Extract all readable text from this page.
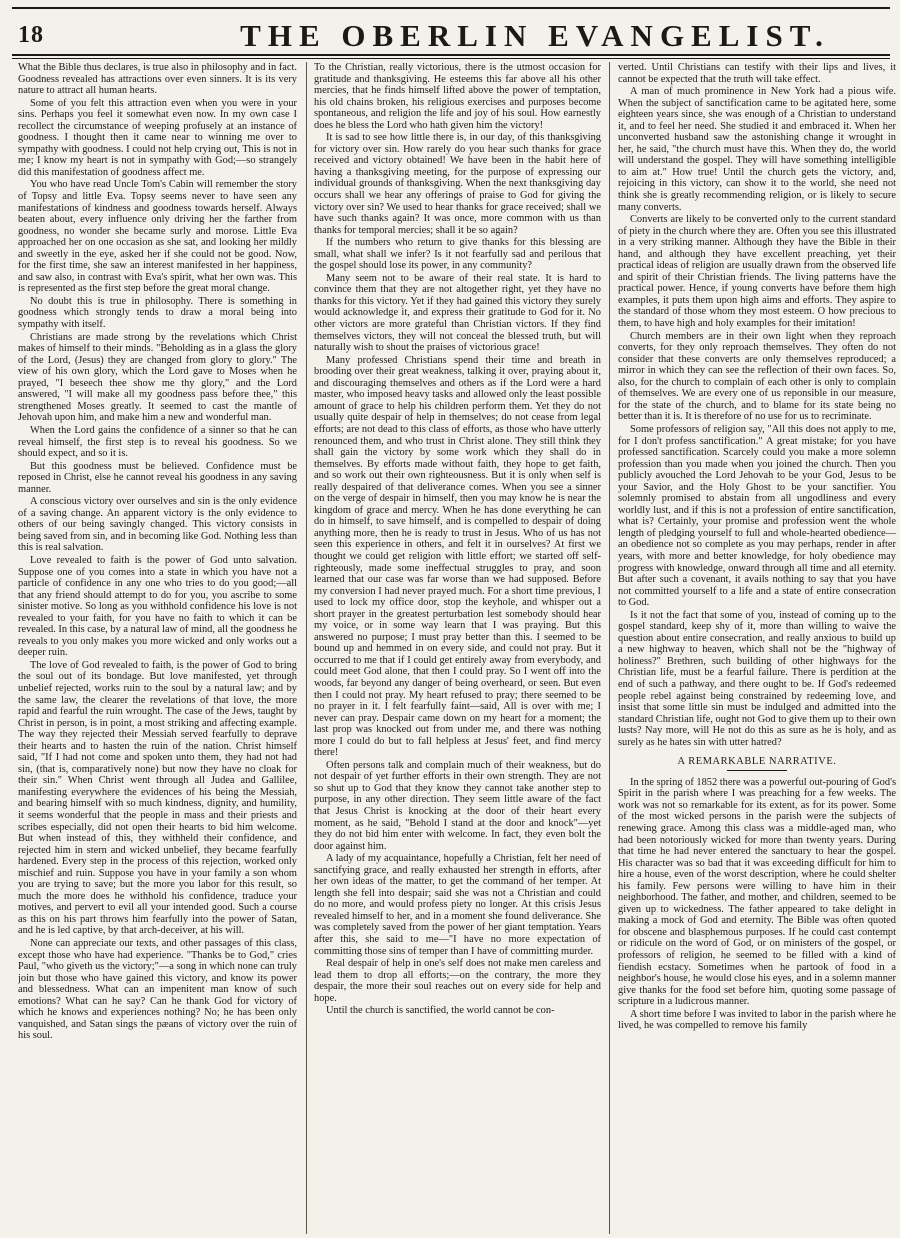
18	THE OBERLIN EVANGELIST.

What the Bible thus declares, is true also in philosophy and in fact. Goodness revealed has attractions over even sinners. It is its very nature to attract all human hearts.

Some of you felt this attraction even when you were in your sins. Perhaps you feel it somewhat even now. In my own case I recollect the circumstance of weeping profusely at an instance of goodness. I thought then it came near to winning me over to sympathy with goodness. I could not help crying out, This is not in me; I know my heart is not in sympathy with God;—so strangely did this manifestation of goodness affect me.

You who have read Uncle Tom's Cabin will remember the story of Topsy and little Eva. Topsy seems never to have seen any manifestations of kindness and goodness towards herself. Always beaten about, every influence only driving her the farther from goodness, no wonder she became surly and morose. Little Eva approached her on one occasion as she sat, and looking her mildly and sweetly in the eye, asked her if she could not be good. Now, for the first time, she saw an interest manifested in her happiness, and saw also, in contrast with Eva's spirit, what her own was. This is represented as the first step before the great moral change.

No doubt this is true in philosophy. There is something in goodness which strongly tends to draw a moral being into sympathy with itself.

Christians are made strong by the revelations which Christ makes of himself to their minds. "Beholding as in a glass the glory of the Lord, (Jesus) they are changed from glory to glory." The view of his own glory, which the Lord gave to Moses when he prayed, "I beseech thee show me thy glory," and the Lord answered, "I will make all my goodness pass before thee," this strengthened Moses greatly. It seemed to cast the mantle of Jehovah upon him, and make him a new and wonderful man.

When the Lord gains the confidence of a sinner so that he can reveal himself, the first step is to reveal his goodness. So we should expect, and so it is.

But this goodness must be believed. Confidence must be reposed in Christ, else he cannot reveal his goodness in any saving manner.

A conscious victory over ourselves and sin is the only evidence of a saving change. An apparent victory is the only evidence to others of our being savingly changed. This victory consists in being saved from sin, and in becoming like God. Nothing less than this is real salvation.

Love revealed to faith is the power of God unto salvation. Suppose one of you comes into a state in which you have not a particle of confidence in any one who tries to do you good;—all that any friend should attempt to do for you, you ascribe to some sinister motive. So long as you withhold confidence his love is not revealed to your faith, for you have no faith to which it can be revealed. In this case, by a natural law of mind, all the goodness he reveals to you only makes you more wicked and only works out a deeper ruin.

The love of God revealed to faith, is the power of God to bring the soul out of its bondage. But love manifested, yet through unbelief rejected, works ruin to the soul by a natural law; and by the same law, the clearer the revelations of that love, the more rapid and fearful the ruin wrought. The case of the Jews, taught by Christ in person, is in point, a most striking and affecting example. The way they rejected their Messiah served fearfully to deprave their hearts and to hasten the ruin of the nation. Christ himself said, "If I had not come and spoken unto them, they had not had sin, (that is, comparatively none) but now they have no cloak for their sin." When Christ went through all Judea and Gallilee, manifesting everywhere the evidences of his being the Messiah, and bearing himself with so much kindness, dignity, and humility, it seems wonderful that the people in mass and their priests and scribes especially, did not open their hearts to bid him welcome. But when instead of this, they withheld their confidence, and rejected him in stern and wicked unbelief, they became fearfully hardened. Every step in the process of this rejection, worked only mischief and ruin. Suppose you have in your family a son whom you are trying to save; but the more you labor for this result, so much the more does he withhold his confidence, traduce your motives, and pervert to evil all your intended good. Such a course as this on his part throws him fearfully into the power of Satan, and he is led captive, by that arch-deceiver, at his will.

None can appreciate our texts, and other passages of this class, except those who have had experience. "Thanks be to God," cries Paul, "who giveth us the victory;"—a song in which none can truly join but those who have gained this victory, and know its power and blessedness. What can an impenitent man know of such emotions? What can he say? Can he thank God for victory of which he knows and experiences nothing? No; he has been only vanquished, and Satan sings the pæans of victory over the ruin of his soul.

To the Christian, really victorious, there is the utmost occasion for gratitude and thanksgiving. He esteems this far above all his other mercies, that he finds himself lifted above the power of temptation, his old chains broken, his religious exercises and purposes become spontaneous, and religion the life and joy of his soul. How earnestly does he bless the Lord who hath given him the victory!

It is sad to see how little there is, in our day, of this thanksgiving for victory over sin. How rarely do you hear such thanks for grace received and victory obtained! We have been in the habit here of having a thanksgiving meeting, for the purpose of expressing our individual grounds of thanksgiving. When the next thanksgiving day occurs shall we hear any offerings of praise to God for giving the victory over sin? We used to hear thanks for grace received; shall we have such thanks again? It was once, more common with us than thanks for temporal mercies; shall it be so again?

If the numbers who return to give thanks for this blessing are small, what shall we infer? Is it not fearfully sad and perilous that the gospel should lose its power, in any community?

Many seem not to be aware of their real state. It is hard to convince them that they are not altogether right, yet they have no thanks for this victory. Yet if they had gained this victory they surely would acknowledge it, and express their gratitude to God for it. No other victors are more grateful than Christian victors. If they find themselves victors, they will not conceal the blessed truth, but will naturally wish to shout the praises of victorious grace!

Many professed Christians spend their time and breath in brooding over their great weakness, talking it over, praying about it, and discouraging themselves and others as if the Lord were a hard master, who imposed heavy tasks and allowed only the least possible amount of grace to help his children perform them. Yet they do not usually quite despair of help in themselves; do not cease from legal efforts; are not dead to this class of efforts, as those who have utterly renounced them, and who trust in Christ alone. They still think they shall gain the victory by some work which they shall do in themselves. By efforts made without faith, they hope to get faith, and so work out their own righteousness. But it is only when self is really despaired of that deliverance comes. When you see a sinner on the verge of despair in himself, then you may know he is near the kingdom of grace and mercy. When he has done everything he can do in himself, to save himself, and is compelled to despair of doing anything more, then he is ready to trust in Jesus. Who of us has not seen this experience in others, and felt it in ourselves? At first we thought we could get religion with little effort; we started off self-righteously, made some ineffectual struggles to pray, and soon learned that our case was far worse than we had supposed. Before my conversion I had never prayed much. For a short time previous, I used to lock my office door, stop the keyhole, and whisper out a short prayer in the greatest perturbation lest somebody should hear my voice, or in some way learn that I was praying. But this answered no purpose; I must pray better than this. I seemed to be bound up and hemmed in on every side, and could not pray. But it occurred to me that if I could get entirely away from everybody, and could meet God alone, that then I could pray. So I went off into the woods, far beyond any danger of being overheard, or seen. But even then I could not pray. My heart refused to pray; there seemed to be no prayer in it. I felt fearfully faint—said, All is over with me; I never can pray. Despair came down on my heart for a moment; the last prop was knocked out from under me, and there was nothing more I could do but to fall helpless at Jesus' feet, and find mercy there!

Often persons talk and complain much of their weakness, but do not despair of yet further efforts in their own strength. They are not so shut up to God that they know they cannot take another step to purpose, in any other direction. They seem little aware of the fact that Jesus Christ is knocking at the door of their heart every moment, as he said, "Behold I stand at the door and knock"—yet they do not bid him enter with welcome. In fact, they even bolt the door against him.

A lady of my acquaintance, hopefully a Christian, felt her need of sanctifying grace, and really exhausted her strength in efforts, after her own ideas of the matter, to get the command of her temper. At length she fell into despair; said she was not a Christian and could do no more, and would profess piety no longer. At this crisis Jesus revealed himself to her, and in a moment she found deliverance. She was completely saved from the power of her giant temptation. Years after this, she said to me—"I have no more expectation of committing those sins of temper than I have of committing murder.

Real despair of help in one's self does not make men careless and lead them to drop all efforts;—on the contrary, the more they despair, the more their soul reaches out on every side for help and hope.

Until the church is sanctified, the world cannot be con-

verted. Until Christians can testify with their lips and lives, it cannot be expected that the truth will take effect.

A man of much prominence in New York had a pious wife. When the subject of sanctification came to be agitated here, some eighteen years since, she was enough of a Christian to understand it, and to feel her need. She studied it and embraced it. When her unconverted husband saw the astonishing change it wrought in her, he said, "the church must have this. When they do, the world will understand the gospel. They will have something intelligible to aim at." How true! Until the church gets the victory, and, rejoicing in this victory, can show it to the world, she need not think she is greatly recommending religion, or is likely to secure many converts.

Converts are likely to be converted only to the current standard of piety in the church where they are. Often you see this illustrated in a very striking manner. Although they have the Bible in their hand, and although they have excellent preaching, yet their practical ideas of religion are usually drawn from the observed life and spirit of their Christian friends. The living patterns have the practical power. Hence, if young converts have before them high examples, it puts them upon high aims and efforts. They aspire to the standard of those whom they most esteem. O how precious to them, to have high and holy examples for their imitation!

Church members are in their own light when they reproach converts, for they only reproach themselves. They often do not consider that these converts are only themselves reproduced; a mirror in which they can see the reflection of their own faces. So, also, for the church to complain of each other is only to complain of themselves. We are every one of us reponsible in our measure, for the state of the church, and to blame for its state being no better than it is. It is therefore of no use for us to recriminate.

Some professors of religion say, "All this does not apply to me, for I don't profess sanctification." A great mistake; for you have professed sanctification. Scarcely could you make a more solemn profession than you made when you joined the church. Then you publicly avouched the Lord Jehovah to be your God, Jesus to be your Savior, and the Holy Ghost to be your sanctifier. You solemnly promised to abstain from all ungodliness and every worldly lust, and if this is not a profession of entire sanctification, what is? Certainly, your promise and profession went the whole length of pledging yourself to full and whole-hearted obedience—an obedience not so complete as you may perhaps, render in after years, with more and better knowledge, for holy obedience may progress with knowledge, onward through all time and all eternity. But after such a covenant, it avails nothing to say that you have not committed yourself to a life and a state of entire consecration to God.

Is it not the fact that some of you, instead of coming up to the gospel standard, keep shy of it, more than willing to waive the question about entire consecration, and really anxious to build up a new highway to heaven, which shall not be the "highway of holiness?" Brethren, such building of other highways for the Christian life, must be a fearful failure. There is perdition at the end of such a pathway, and there ought to be. If God's redeemed people rebel against being constrained by redeeming love, and insist that some little sin must be indulged and admitted into the standard Christian life, ought not God to give them up to their own lusts? Nay more, will He not do this as sure as he is holy, and as surely as he hates sin with utter hatred?

A REMARKABLE NARRATIVE.

In the spring of 1852 there was a powerful out-pouring of God's Spirit in the parish where I was preaching for a few weeks. The work was not so remarkable for its extent, as for its power. Some of the most wicked persons in the parish were the subjects of renewing grace. Among this class was a middle-aged man, who had been notoriously wicked for more than twenty years. During that time he had never entered the sanctuary to hear the gospel. His character was so bad that it was exceeding difficult for him to hire a house, even of the worst description, where he could shelter his family. Few persons were willing to have him in their neighborhood. The father, and mother, and children, seemed to be given up to wickedness. The father appeared to take delight in making a mock of God and eternity. The Bible was often quoted for obscene and blasphemous purposes. If he could cast contempt or ridicule on the word of God, or on ministers of the gospel, or professors of religion, he seemed to be filled with a kind of fiendish ecstacy. Sometimes when he partook of food in a neighbor's house, he would close his eyes, and in a solemn manner give thanks for the food set before him, quoting some passage of scripture in a ludicrous manner.

A short time before I was invited to labor in the parish where he lived, he was compelled to remove his family
